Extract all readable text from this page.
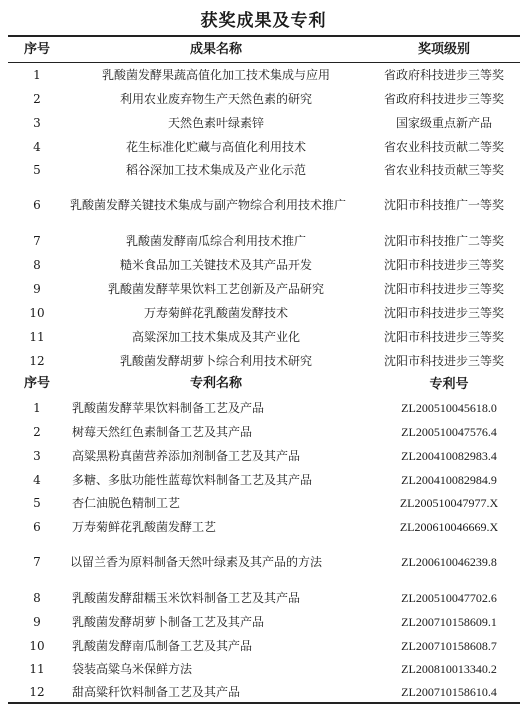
获奖成果及专利
序号	成果名称	奖项级别
1	乳酸菌发酵果蔬高值化加工技术集成与应用	省政府科技进步三等奖
2	利用农业废弃物生产天然色素的研究	省政府科技进步三等奖
3	天然色素叶绿素锌	国家级重点新产品
4	花生标准化贮藏与高值化利用技术	省农业科技贡献二等奖
5	稻谷深加工技术集成及产业化示范	省农业科技贡献三等奖
6	乳酸菌发酵关键技术集成与副产物综合利用技术推广	沈阳市科技推广一等奖
7	乳酸菌发酵南瓜综合利用技术推广	沈阳市科技推广二等奖
8	糙米食品加工关键技术及其产品开发	沈阳市科技进步三等奖
9	乳酸菌发酵苹果饮料工艺创新及产品研究	沈阳市科技进步三等奖
10	万寿菊鲜花乳酸菌发酵技术	沈阳市科技进步三等奖
11	高粱深加工技术集成及其产业化	沈阳市科技进步三等奖
12	乳酸菌发酵胡萝卜综合利用技术研究	沈阳市科技进步三等奖
序号	专利名称	专利号
1	乳酸菌发酵苹果饮料制备工艺及产品	ZL200510045618.0
2	树莓天然红色素制备工艺及其产品	ZL200510047576.4
3	高粱黑粉真菌营养添加剂制备工艺及其产品	ZL200410082983.4
4	多糖、多肽功能性蓝莓饮料制备工艺及其产品	ZL200410082984.9
5	杏仁油脱色精制工艺	ZL200510047977.X
6	万寿菊鲜花乳酸菌发酵工艺	ZL200610046669.X
7	以留兰香为原料制备天然叶绿素及其产品的方法	ZL200610046239.8
8	乳酸菌发酵甜糯玉米饮料制备工艺及其产品	ZL200510047702.6
9	乳酸菌发酵胡萝卜制备工艺及其产品	ZL200710158609.1
10	乳酸菌发酵南瓜制备工艺及其产品	ZL200710158608.7
11	袋装高粱乌米保鲜方法	ZL200810013340.2
12	甜高粱秆饮料制备工艺及其产品	ZL200710158610.4
